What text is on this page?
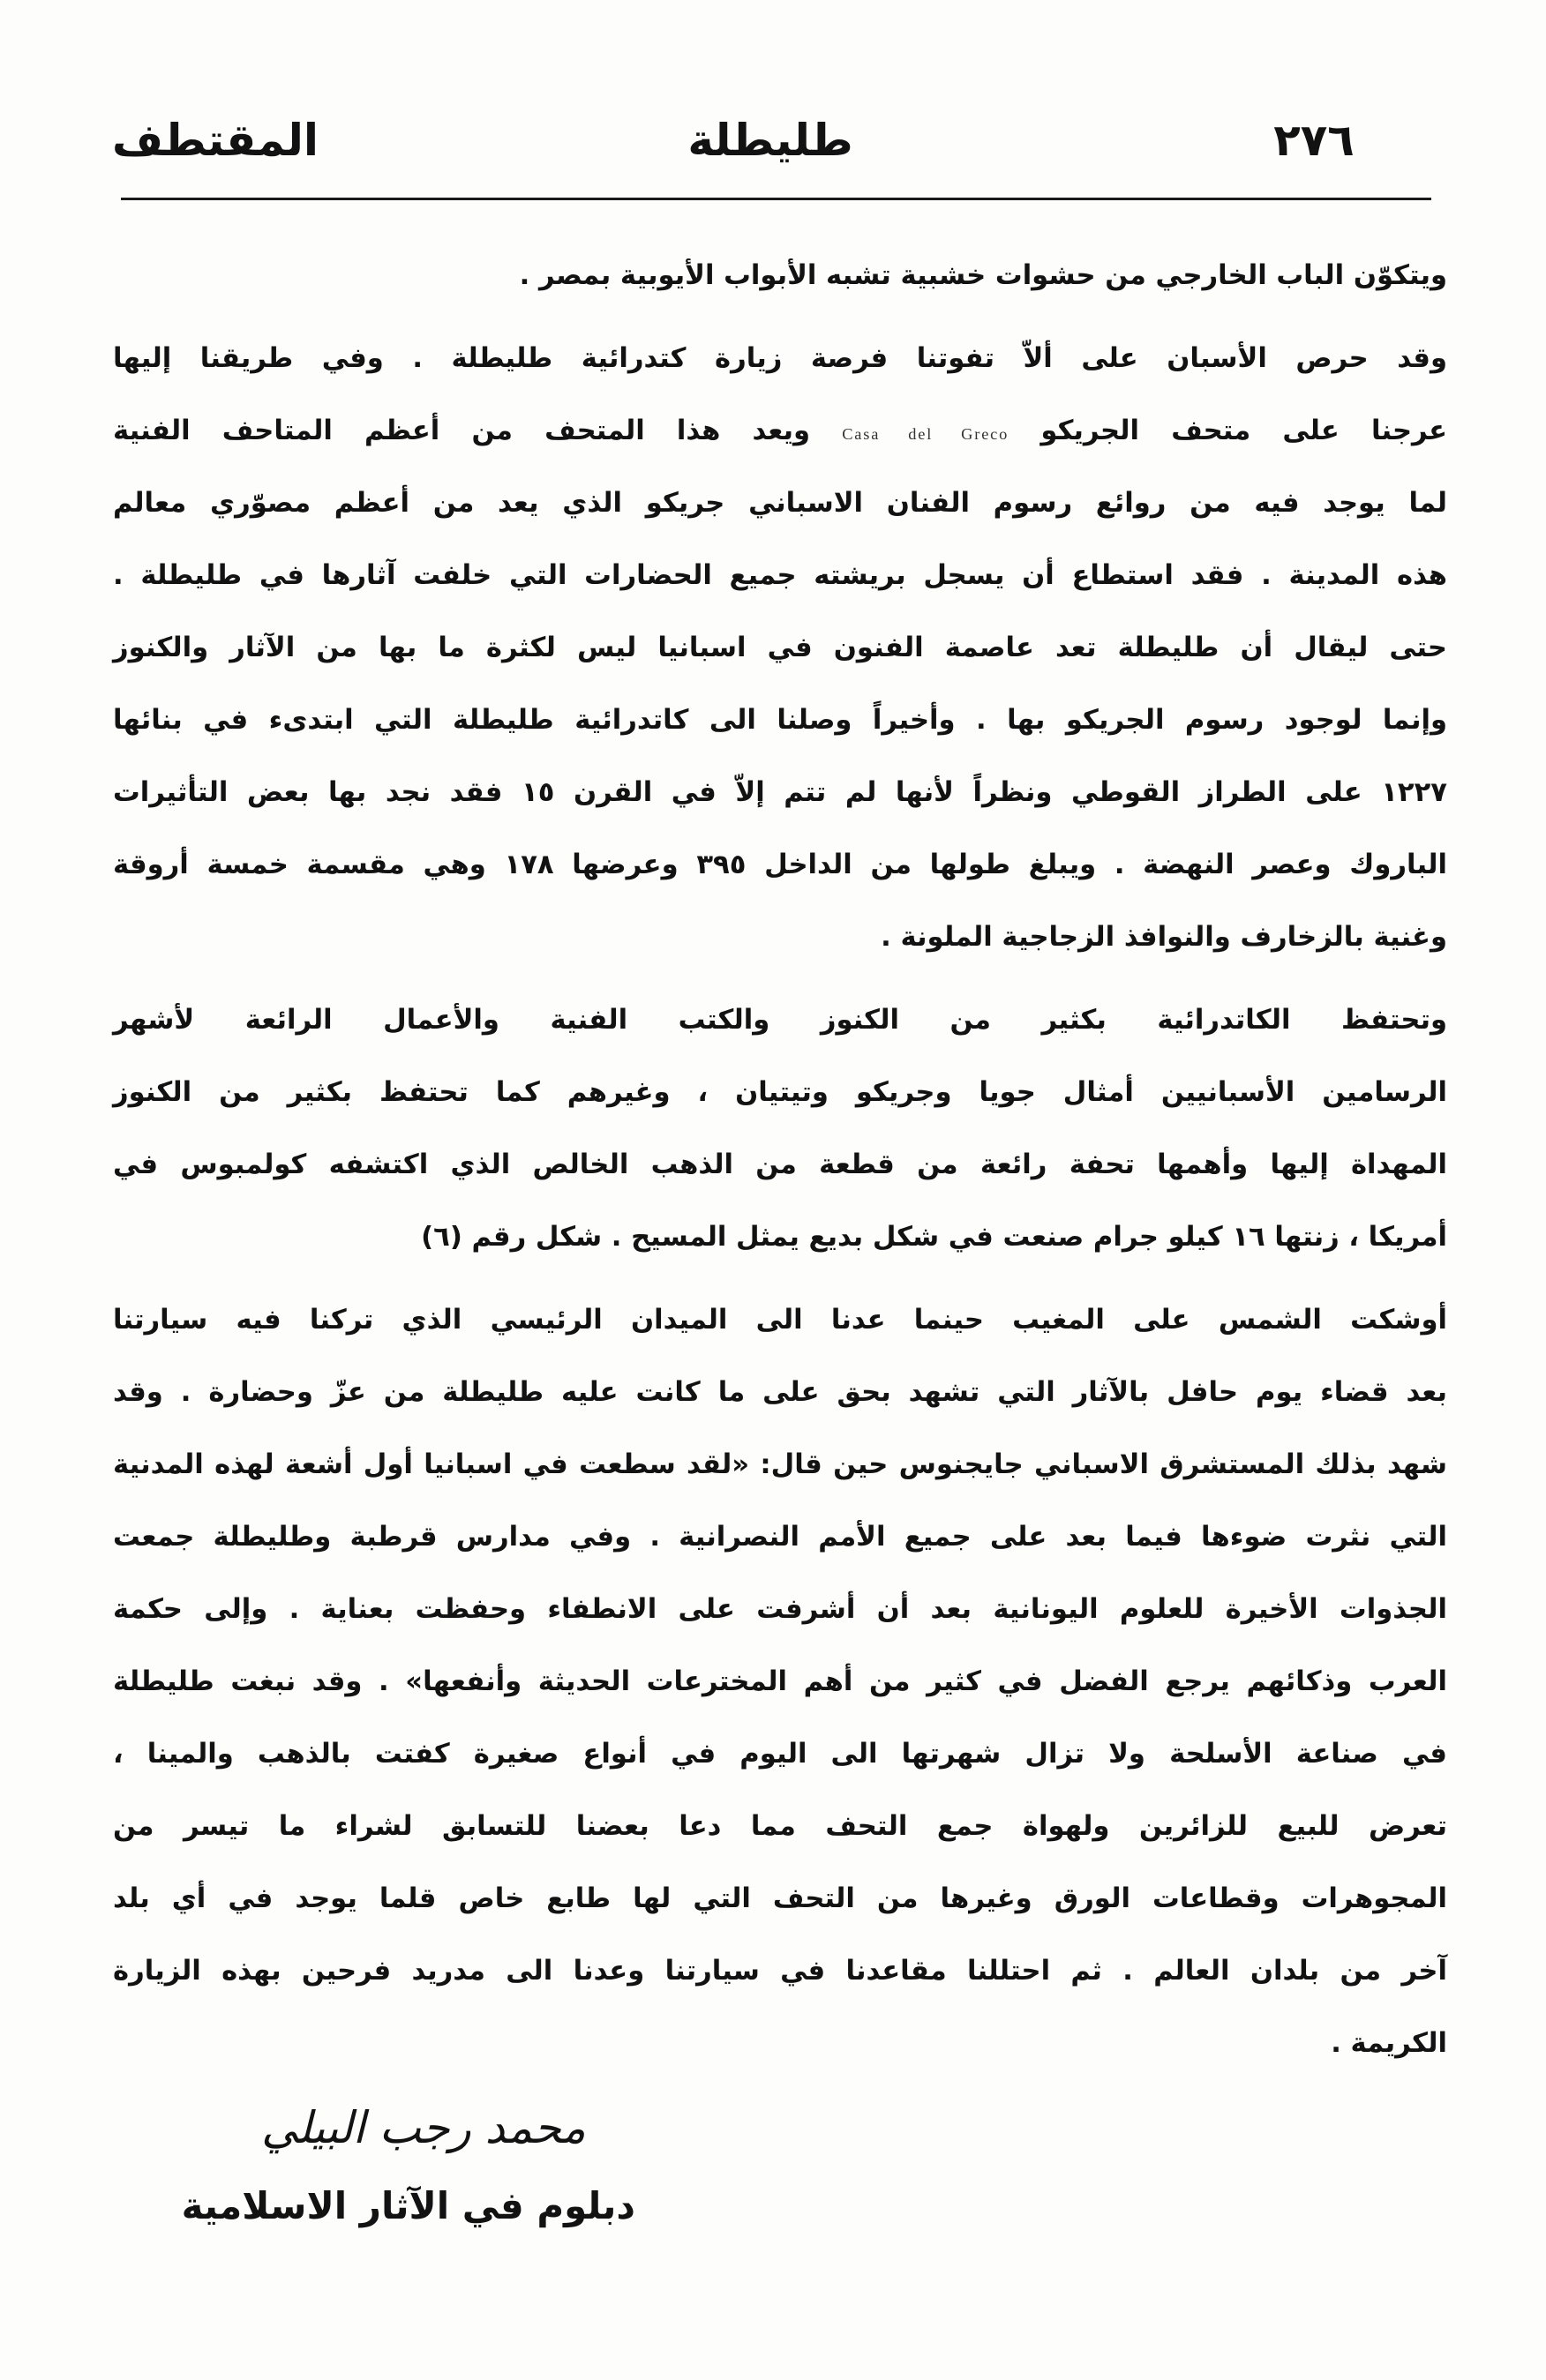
٢٧٦
طليطلة
المقتطف
ويتكوّن الباب الخارجي من حشوات خشبية تشبه الأبواب الأيوبية بمصر .
وقد حرص الأسبان على ألاّ تفوتنا فرصة زيارة كتدرائية طليطلة . وفي طريقنا إليها
عرجنا على متحف الجريكو Casa del Greco ويعد هذا المتحف من أعظم المتاحف الفنية
لما يوجد فيه من روائع رسوم الفنان الاسباني جريكو الذي يعد من أعظم مصوّري معالم
هذه المدينة . فقد استطاع أن يسجل بريشته جميع الحضارات التي خلفت آثارها في طليطلة .
حتى ليقال أن طليطلة تعد عاصمة الفنون في اسبانيا ليس لكثرة ما بها من الآثار والكنوز
وإنما لوجود رسوم الجريكو بها . وأخيراً وصلنا الى كاتدرائية طليطلة التي ابتدىء في بنائها
١٢٢٧ على الطراز القوطي ونظراً لأنها لم تتم إلاّ في القرن ١٥ فقد نجد بها بعض التأثيرات
الباروك وعصر النهضة . ويبلغ طولها من الداخل ٣٩٥ وعرضها ١٧٨ وهي مقسمة خمسة أروقة
وغنية بالزخارف والنوافذ الزجاجية الملونة .
وتحتفظ الكاتدرائية بكثير من الكنوز والكتب الفنية والأعمال الرائعة لأشهر
الرسامين الأسبانيين أمثال جويا وجريكو وتيتيان ، وغيرهم كما تحتفظ بكثير من الكنوز
المهداة إليها وأهمها تحفة رائعة من قطعة من الذهب الخالص الذي اكتشفه كولمبوس في
أمريكا ، زنتها ١٦ كيلو جرام صنعت في شكل بديع يمثل المسيح . شكل رقم (٦)
أوشكت الشمس على المغيب حينما عدنا الى الميدان الرئيسي الذي تركنا فيه سيارتنا
بعد قضاء يوم حافل بالآثار التي تشهد بحق على ما كانت عليه طليطلة من عزّ وحضارة . وقد
شهد بذلك المستشرق الاسباني جايجنوس حين قال: «لقد سطعت في اسبانيا أول أشعة لهذه المدنية
التي نثرت ضوءها فيما بعد على جميع الأمم النصرانية . وفي مدارس قرطبة وطليطلة جمعت
الجذوات الأخيرة للعلوم اليونانية بعد أن أشرفت على الانطفاء وحفظت بعناية . وإلى حكمة
العرب وذكائهم يرجع الفضل في كثير من أهم المخترعات الحديثة وأنفعها» . وقد نبغت طليطلة
في صناعة الأسلحة ولا تزال شهرتها الى اليوم في أنواع صغيرة كفتت بالذهب والمينا ،
تعرض للبيع للزائرين ولهواة جمع التحف مما دعا بعضنا للتسابق لشراء ما تيسر من
المجوهرات وقطاعات الورق وغيرها من التحف التي لها طابع خاص قلما يوجد في أي بلد
آخر من بلدان العالم . ثم احتللنا مقاعدنا في سيارتنا وعدنا الى مدريد فرحين بهذه الزيارة
الكريمة .
محمد رجب البيلي
دبلوم في الآثار الاسلامية
